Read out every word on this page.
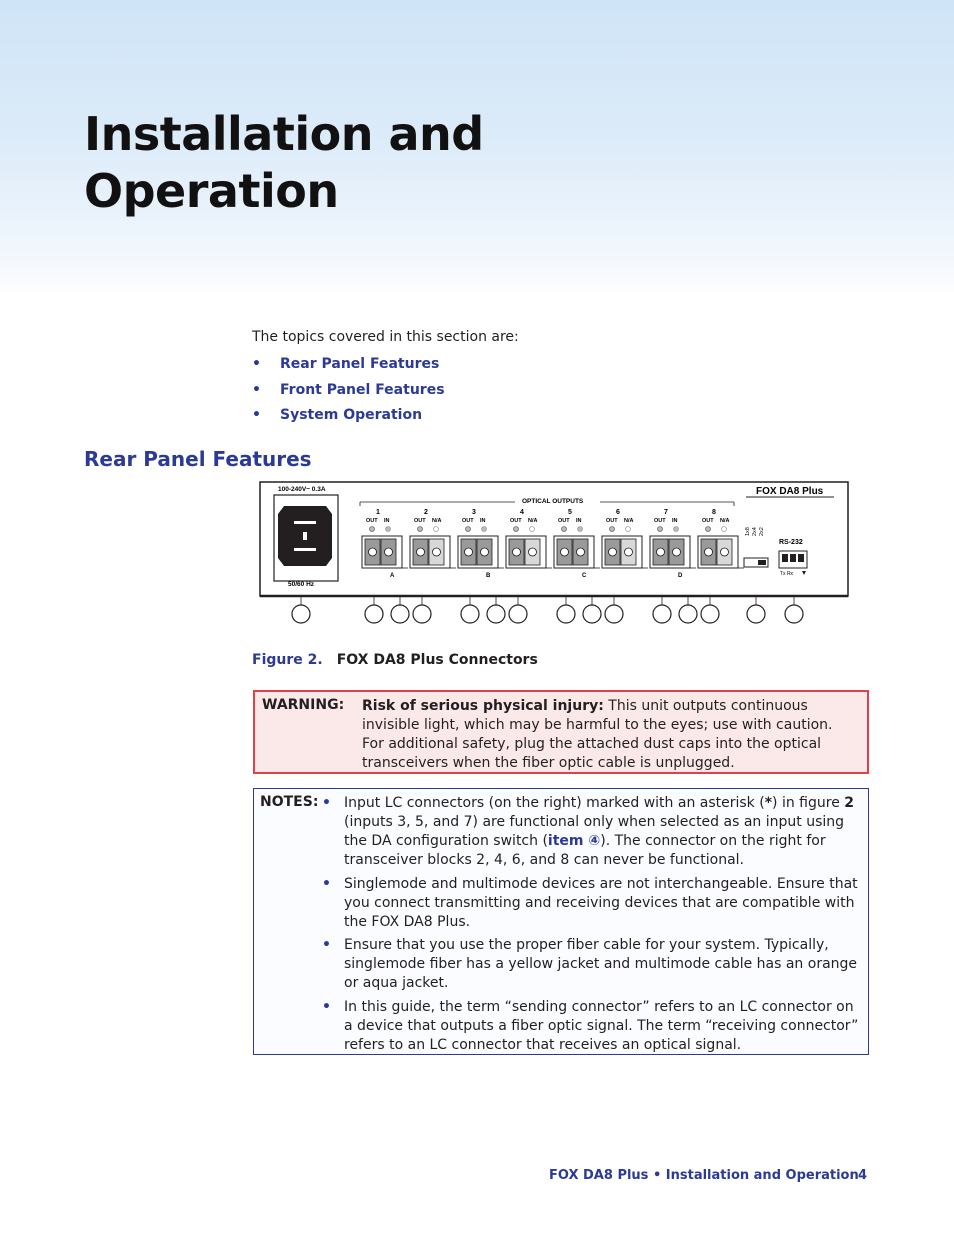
Installation and
Operation
The topics covered in this section are:
• Rear Panel Features
• Front Panel Features
• System Operation
Rear Panel Features
100-240V~ 0.3A
50/60 Hz
FOX DA8 Plus
OPTICAL OUTPUTS
1
OUT IN
2
OUT N/A
3
OUT IN
4
OUT N/A
5
OUT IN
6
OUT N/A
7
OUT IN
8
OUT N/A
A	B	C	D
1x8 2x4 2x2
RS-232
Tx Rx
Figure 2. FOX DA8 Plus Connectors
WARNING: Risk of serious physical injury: This unit outputs continuous invisible light, which may be harmful to the eyes; use with caution. For additional safety, plug the attached dust caps into the optical transceivers when the fiber optic cable is unplugged.
NOTES: • Input LC connectors (on the right) marked with an asterisk (*) in figure 2 (inputs 3, 5, and 7) are functional only when selected as an input using the DA configuration switch (item ④). The connector on the right for transceiver blocks 2, 4, 6, and 8 can never be functional.
• Singlemode and multimode devices are not interchangeable. Ensure that you connect transmitting and receiving devices that are compatible with the FOX DA8 Plus.
• Ensure that you use the proper fiber cable for your system. Typically, singlemode fiber has a yellow jacket and multimode cable has an orange or aqua jacket.
• In this guide, the term “sending connector” refers to an LC connector on a device that outputs a fiber optic signal. The term “receiving connector” refers to an LC connector that receives an optical signal.
FOX DA8 Plus • Installation and Operation 4
